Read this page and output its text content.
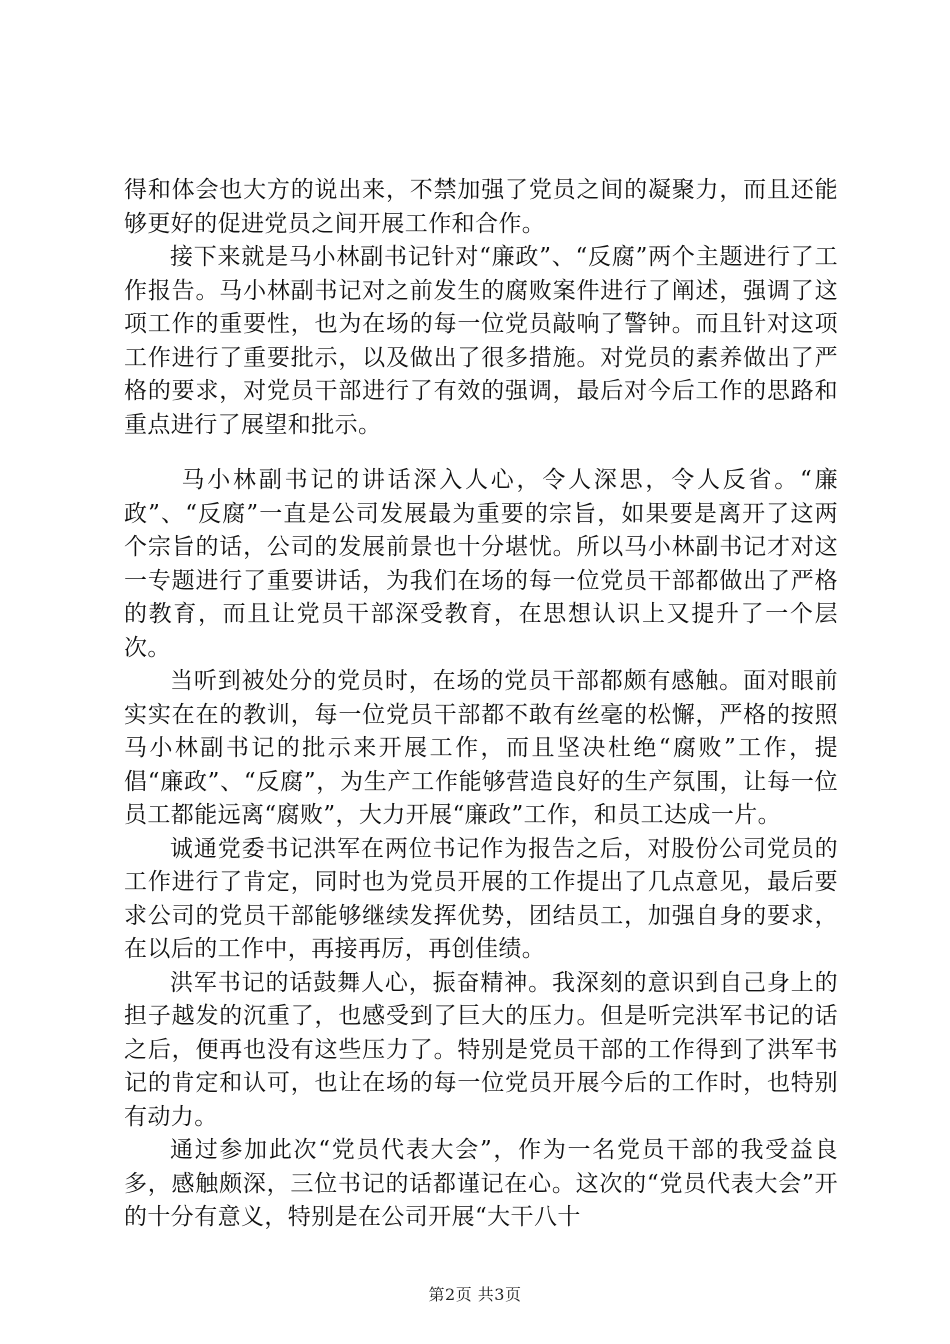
得和体会也大方的说出来，不禁加强了党员之间的凝聚力，而且还能够更好的促进党员之间开展工作和合作。

接下来就是马小林副书记针对“廉政”、“反腐”两个主题进行了工作报告。马小林副书记对之前发生的腐败案件进行了阐述，强调了这项工作的重要性，也为在场的每一位党员敲响了警钟。而且针对这项工作进行了重要批示，以及做出了很多措施。对党员的素养做出了严格的要求，对党员干部进行了有效的强调，最后对今后工作的思路和重点进行了展望和批示。

马小林副书记的讲话深入人心，令人深思，令人反省。“廉政”、“反腐”一直是公司发展最为重要的宗旨，如果要是离开了这两个宗旨的话，公司的发展前景也十分堪忧。所以马小林副书记才对这一专题进行了重要讲话，为我们在场的每一位党员干部都做出了严格的教育，而且让党员干部深受教育，在思想认识上又提升了一个层次。

当听到被处分的党员时，在场的党员干部都颇有感触。面对眼前实实在在的教训，每一位党员干部都不敢有丝毫的松懈，严格的按照马小林副书记的批示来开展工作，而且坚决杜绝“腐败”工作，提倡“廉政”、“反腐”，为生产工作能够营造良好的生产氛围，让每一位员工都能远离“腐败”，大力开展“廉政”工作，和员工达成一片。

诚通党委书记洪军在两位书记作为报告之后，对股份公司党员的工作进行了肯定，同时也为党员开展的工作提出了几点意见，最后要求公司的党员干部能够继续发挥优势，团结员工，加强自身的要求，在以后的工作中，再接再厉，再创佳绩。

洪军书记的话鼓舞人心，振奋精神。我深刻的意识到自己身上的担子越发的沉重了，也感受到了巨大的压力。但是听完洪军书记的话之后，便再也没有这些压力了。特别是党员干部的工作得到了洪军书记的肯定和认可，也让在场的每一位党员开展今后的工作时，也特别有动力。

通过参加此次“党员代表大会”，作为一名党员干部的我受益良多，感触颇深，三位书记的话都谨记在心。这次的“党员代表大会”开的十分有意义，特别是在公司开展“大干八十

第2页 共3页
